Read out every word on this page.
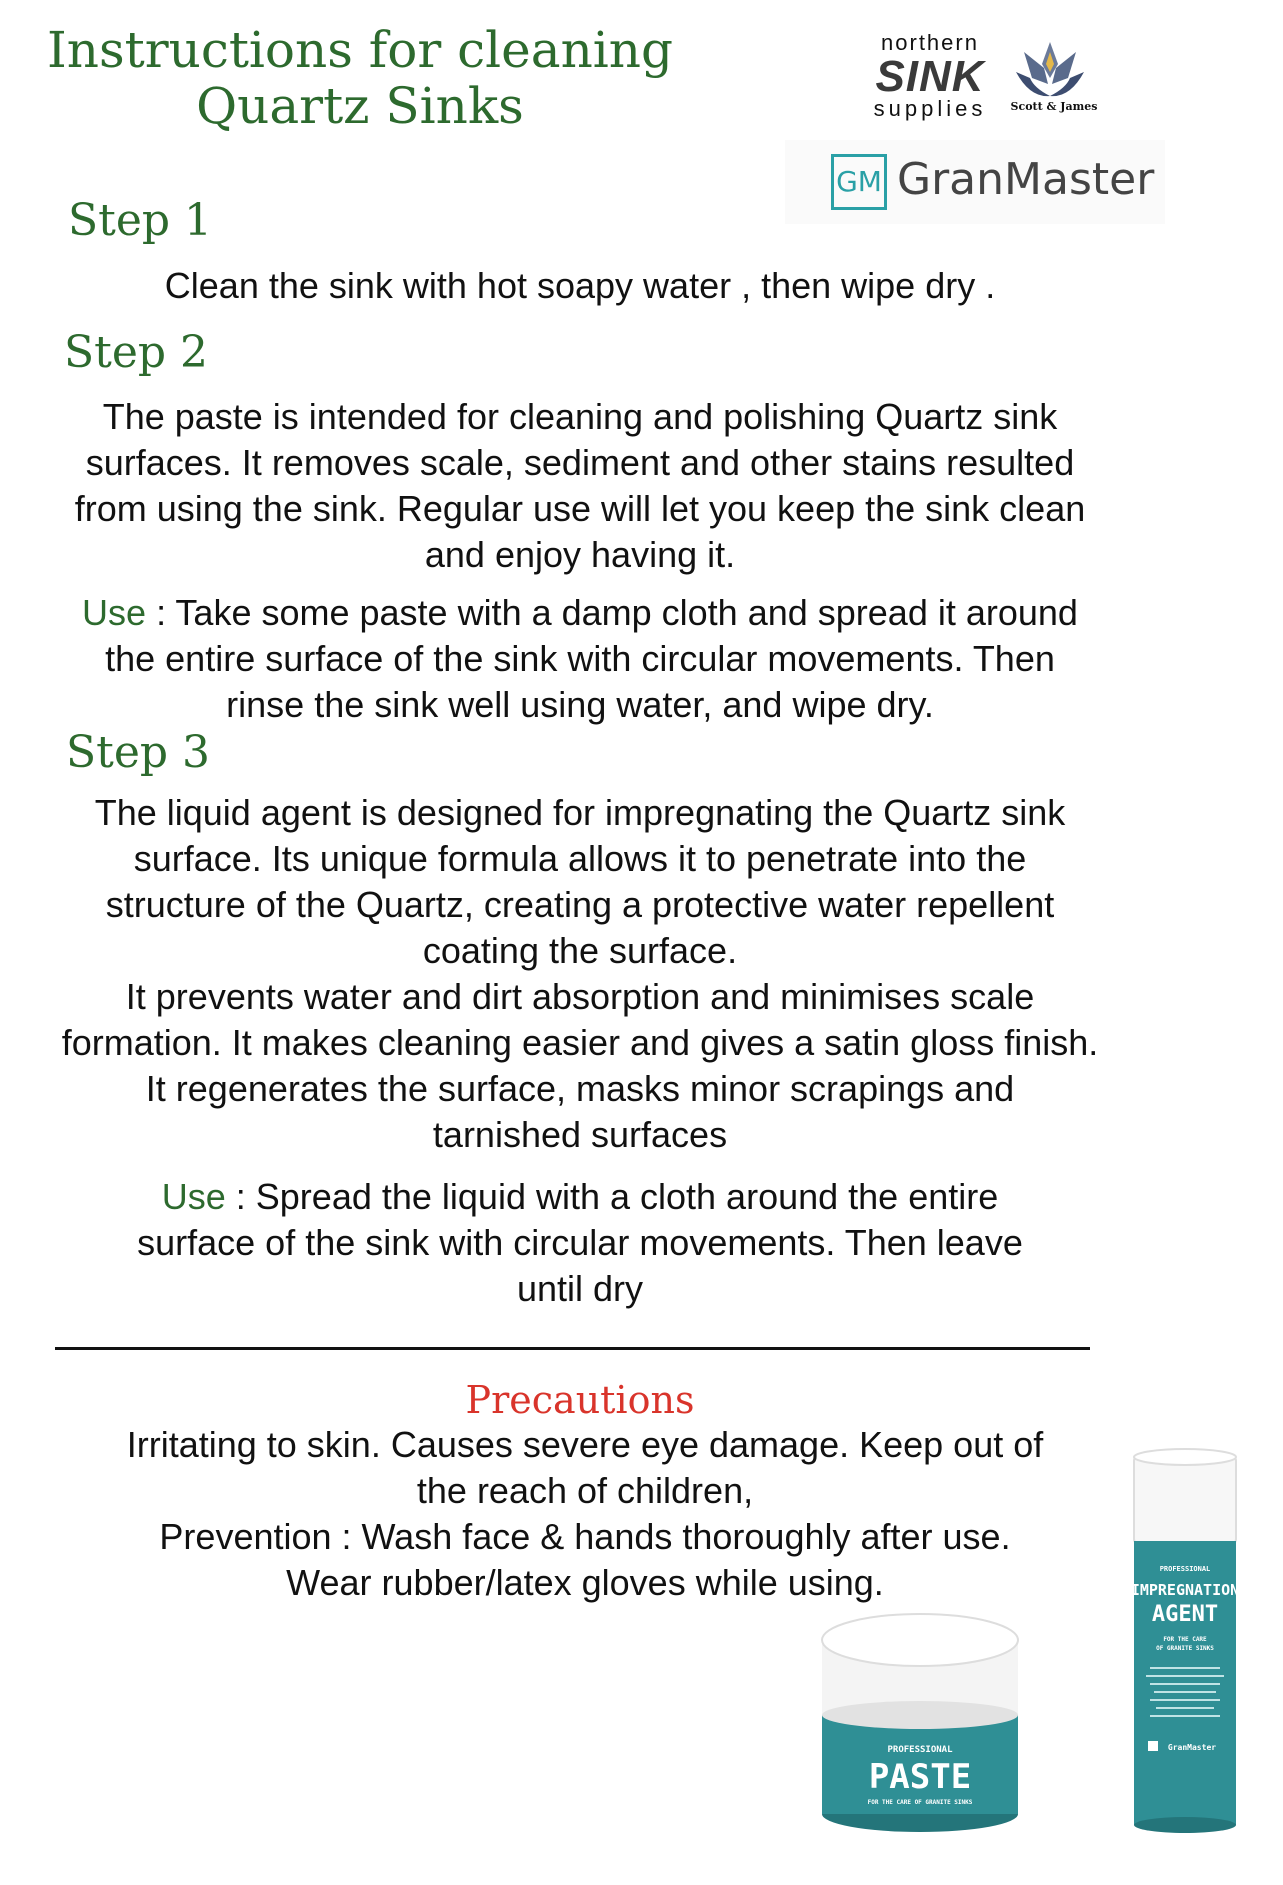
Instructions for cleaning
Quartz Sinks
northern
SINK
supplies	Scott & James
GM GranMaster
Step 1
Clean the sink with hot soapy water , then wipe dry .
Step 2
The paste is intended for cleaning and polishing Quartz sink
surfaces. It removes scale, sediment and other stains resulted
from using the sink. Regular use will let you keep the sink clean
and enjoy having it.
Use : Take some paste with a damp cloth and spread it around
the entire surface of the sink with circular movements. Then
rinse the sink well using water, and wipe dry.
Step 3
The liquid agent is designed for impregnating the Quartz sink
surface. Its unique formula allows it to penetrate into the
structure of the Quartz, creating a protective water repellent
coating the surface.
It prevents water and dirt absorption and minimises scale
formation. It makes cleaning easier and gives a satin gloss finish.
It regenerates the surface, masks minor scrapings and
tarnished surfaces
Use : Spread the liquid with a cloth around the entire
surface of the sink with circular movements. Then leave
until dry
Precautions
Irritating to skin. Causes severe eye damage. Keep out of
the reach of children,
Prevention : Wash face & hands thoroughly after use.
Wear rubber/latex gloves while using.
PROFESSIONAL
PASTE
FOR THE CARE OF GRANITE SINKS
PROFESSIONAL
IMPREGNATION
AGENT
FOR THE CARE
OF GRANITE SINKS
GranMaster
